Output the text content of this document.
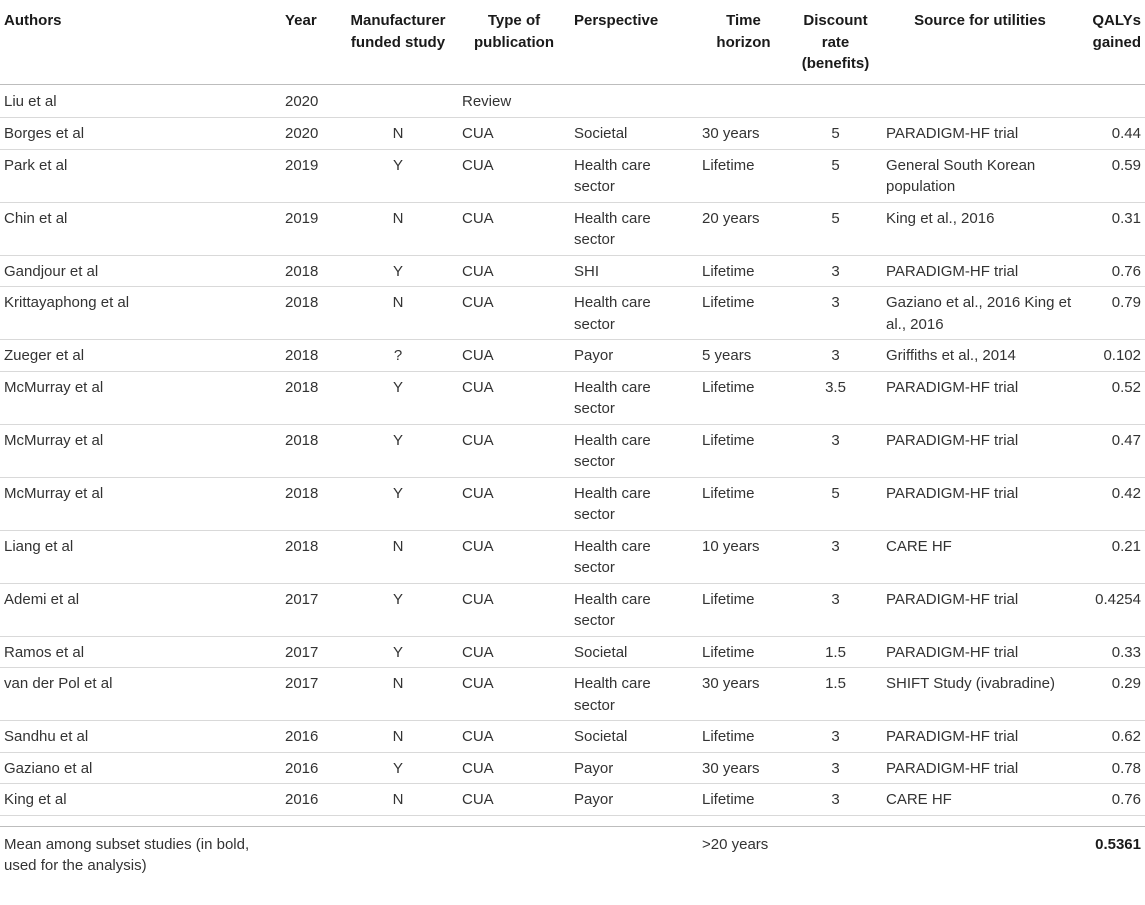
Authors	Year	Manufacturer funded study	Type of publication	Perspective	Time horizon	Discount rate (benefits)	Source for utilities	QALYs gained
Liu et al	2020		Review					
Borges et al	2020	N	CUA	Societal	30 years	5	PARADIGM-HF trial	0.44
Park et al	2019	Y	CUA	Health care sector	Lifetime	5	General South Korean population	0.59
Chin et al	2019	N	CUA	Health care sector	20 years	5	King et al., 2016	0.31
Gandjour et al	2018	Y	CUA	SHI	Lifetime	3	PARADIGM-HF trial	0.76
Krittayaphong et al	2018	N	CUA	Health care sector	Lifetime	3	Gaziano et al., 2016 King et al., 2016	0.79
Zueger et al	2018	?	CUA	Payor	5 years	3	Griffiths et al., 2014	0.102
McMurray et al	2018	Y	CUA	Health care sector	Lifetime	3.5	PARADIGM-HF trial	0.52
McMurray et al	2018	Y	CUA	Health care sector	Lifetime	3	PARADIGM-HF trial	0.47
McMurray et al	2018	Y	CUA	Health care sector	Lifetime	5	PARADIGM-HF trial	0.42
Liang et al	2018	N	CUA	Health care sector	10 years	3	CARE HF	0.21
Ademi et al	2017	Y	CUA	Health care sector	Lifetime	3	PARADIGM-HF trial	0.4254
Ramos et al	2017	Y	CUA	Societal	Lifetime	1.5	PARADIGM-HF trial	0.33
van der Pol et al	2017	N	CUA	Health care sector	30 years	1.5	SHIFT Study (ivabradine)	0.29
Sandhu et al	2016	N	CUA	Societal	Lifetime	3	PARADIGM-HF trial	0.62
Gaziano et al	2016	Y	CUA	Payor	30 years	3	PARADIGM-HF trial	0.78
King et al	2016	N	CUA	Payor	Lifetime	3	CARE HF	0.76

Mean among subset studies (in bold, used for the analysis)					>20 years			0.5361
